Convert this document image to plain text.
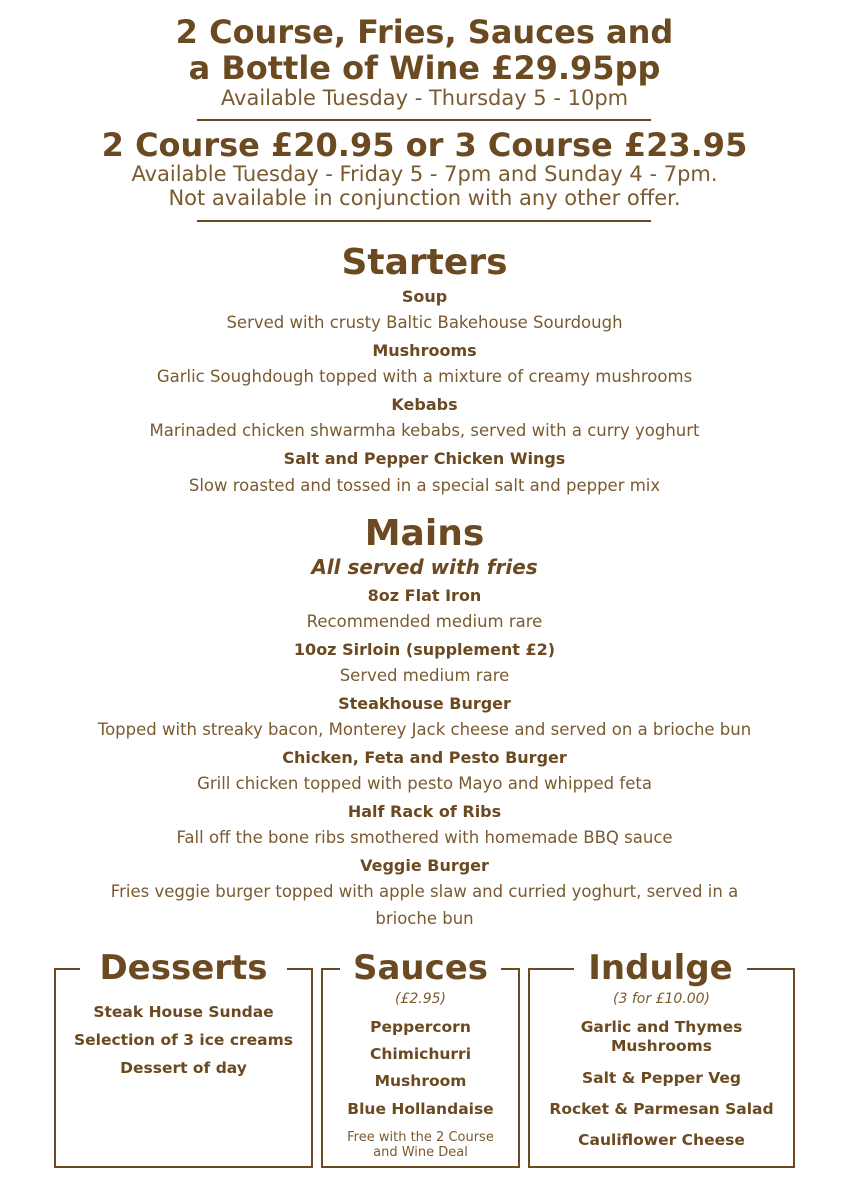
2 Course, Fries, Sauces and
a Bottle of Wine £29.95pp
Available Tuesday - Thursday 5 - 10pm
2 Course £20.95 or 3 Course £23.95
Available Tuesday - Friday 5 - 7pm and Sunday 4 - 7pm.
Not available in conjunction with any other offer.
Starters
Soup
Served with crusty Baltic Bakehouse Sourdough
Mushrooms
Garlic Soughdough topped with a mixture of creamy mushrooms
Kebabs
Marinaded chicken shwarmha kebabs, served with a curry yoghurt
Salt and Pepper Chicken Wings
Slow roasted and tossed in a special salt and pepper mix
Mains
All served with fries
8oz Flat Iron
Recommended medium rare
10oz Sirloin (supplement £2)
Served medium rare
Steakhouse Burger
Topped with streaky bacon, Monterey Jack cheese and served on a brioche bun
Chicken, Feta and Pesto Burger
Grill chicken topped with pesto Mayo and whipped feta
Half Rack of Ribs
Fall off the bone ribs smothered with homemade BBQ sauce
Veggie Burger
Fries veggie burger topped with apple slaw and curried yoghurt, served in a
brioche bun
Desserts
Steak House Sundae
Selection of 3 ice creams
Dessert of day
Sauces
(£2.95)
Peppercorn
Chimichurri
Mushroom
Blue Hollandaise
Free with the 2 Course and Wine Deal
Indulge
(3 for £10.00)
Garlic and Thymes Mushrooms
Salt & Pepper Veg
Rocket & Parmesan Salad
Cauliflower Cheese
